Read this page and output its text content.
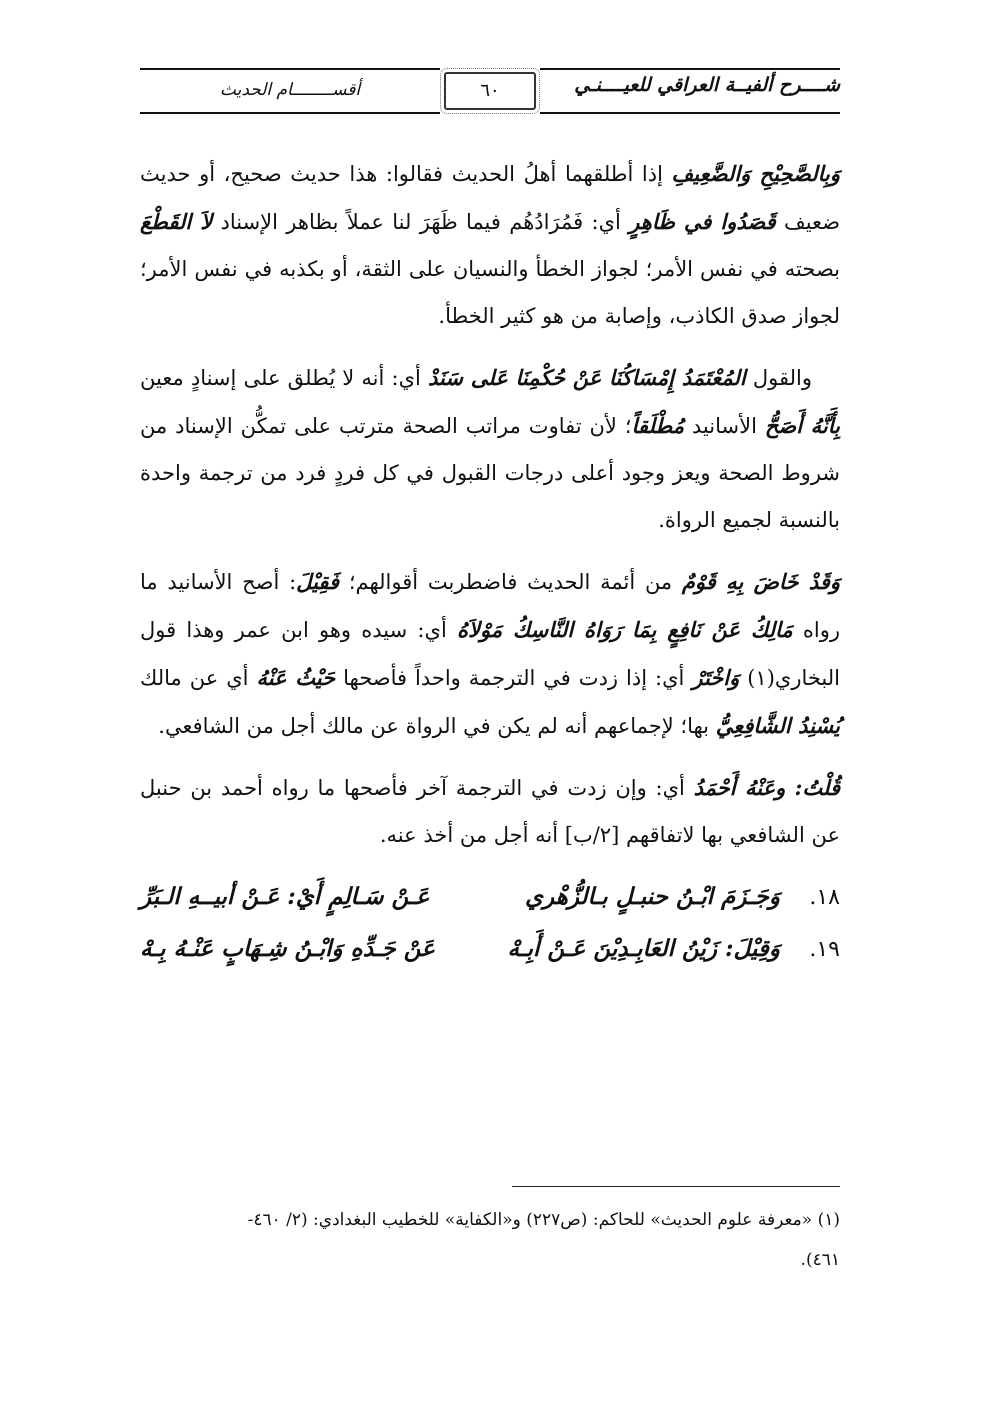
شــــرح ألفيــة العراقي للعيــــنـي
٦٠
أقســــــــام الحديث

وَبِالصَّحِيْحِ وَالضَّعِيفِ إذا أطلقهما أهلُ الحديث فقالوا: هذا حديث صحيح، أو حديث ضعيف قَصَدُوا في ظَاهِرٍ أي: فَمُرَادُهُم فيما ظَهَرَ لنا عملاً بظاهر الإسناد لاَ القَطْعَ بصحته في نفس الأمر؛ لجواز الخطأ والنسيان على الثقة، أو بكذبه في نفس الأمر؛ لجواز صدق الكاذب، وإصابة من هو كثير الخطأ.

والقول المُعْتَمَدُ إِمْسَاكُنَا عَنْ حُكْمِنَا عَلى سَنَدْ أي: أنه لا يُطلق على إسنادٍ معين بِأَنَّهُ أَصَحُّ الأسانيد مُطْلَقاً؛ لأن تفاوت مراتب الصحة مترتب على تمكُّن الإسناد من شروط الصحة ويعز وجود أعلى درجات القبول في كل فردٍ فرد من ترجمة واحدة بالنسبة لجميع الرواة.

وَقَدْ خَاضَ بِهِ قَوْمٌ من أئمة الحديث فاضطربت أقوالهم؛ فَقِيْلَ: أصح الأسانيد ما رواه مَالِكُ عَنْ نَافِعٍ بِمَا رَوَاهُ النَّاسِكُ مَوْلاَهُ أي: سيده وهو ابن عمر وهذا قول البخاري(١) وَاخْتَرْ أي: إذا زدت في الترجمة واحداً فأصحها حَيْثُ عَنْهُ أي عن مالك يُسْنِدُ الشَّافِعِيُّ بها؛ لإجماعهم أنه لم يكن في الرواة عن مالك أجل من الشافعي.

قُلْتُ: وعَنْهُ أَحْمَدُ أي: وإن زدت في الترجمة آخر فأصحها ما رواه أحمد بن حنبل عن الشافعي بها لاتفاقهم [٢/ب] أنه أجل من أخذ عنه.

١٨.
وَجَـزَمَ ابْـنُ حنبـلٍ بـالزُّهْري
عَـنْ سَـالِمٍ أَيْ: عَـنْ أبيــهِ الـبَرِّ
١٩.
وَقِيْلَ: زَيْنُ العَابِـدِيْنَ عَـنْ أَبِـهْ
عَنْ جَـدِّهِ وَابْـنُ شِـهَابٍ عَنْـهُ بِـهْ
(١) «معرفة علوم الحديث» للحاكم: (ص٢٢٧) و«الكفاية» للخطيب البغدادي: (٢/ ٤٦٠-
٤٦١).
